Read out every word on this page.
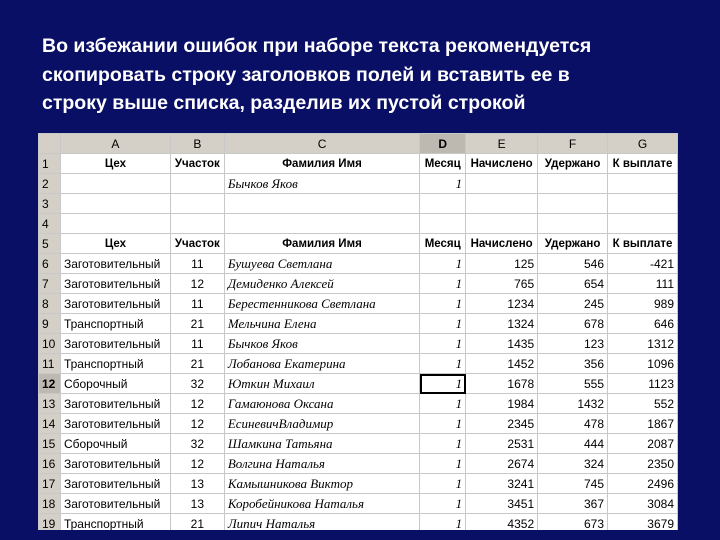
Во избежании ошибок при наборе текста рекомендуется
скопировать строку заголовков полей и вставить ее в
строку выше списка, разделив их пустой строкой
	A	B	C	D	E	F	G
1	Цех	Участок	Фамилия Имя	Месяц	Начислено	Удержано	К выплате
2			Бычков Яков	1			
3							
4							
5	Цех	Участок	Фамилия Имя	Месяц	Начислено	Удержано	К выплате
6	Заготовительный	11	Бушуева Светлана	1	125	546	-421
7	Заготовительный	12	Демиденко Алексей	1	765	654	111
8	Заготовительный	11	Берестенникова Светлана	1	1234	245	989
9	Транспортный	21	Мельчина Елена	1	1324	678	646
10	Заготовительный	11	Бычков Яков	1	1435	123	1312
11	Транспортный	21	Лобанова Екатерина	1	1452	356	1096
12	Сборочный	32	Юткин Михаил	1	1678	555	1123
13	Заготовительный	12	Гамаюнова Оксана	1	1984	1432	552
14	Заготовительный	12	ЕсиневичВладимир	1	2345	478	1867
15	Сборочный	32	Шамкина Татьяна	1	2531	444	2087
16	Заготовительный	12	Волгина Наталья	1	2674	324	2350
17	Заготовительный	13	Камышникова Виктор	1	3241	745	2496
18	Заготовительный	13	Коробейникова Наталья	1	3451	367	3084
19	Транспортный	21	Липич Наталья	1	4352	673	3679
